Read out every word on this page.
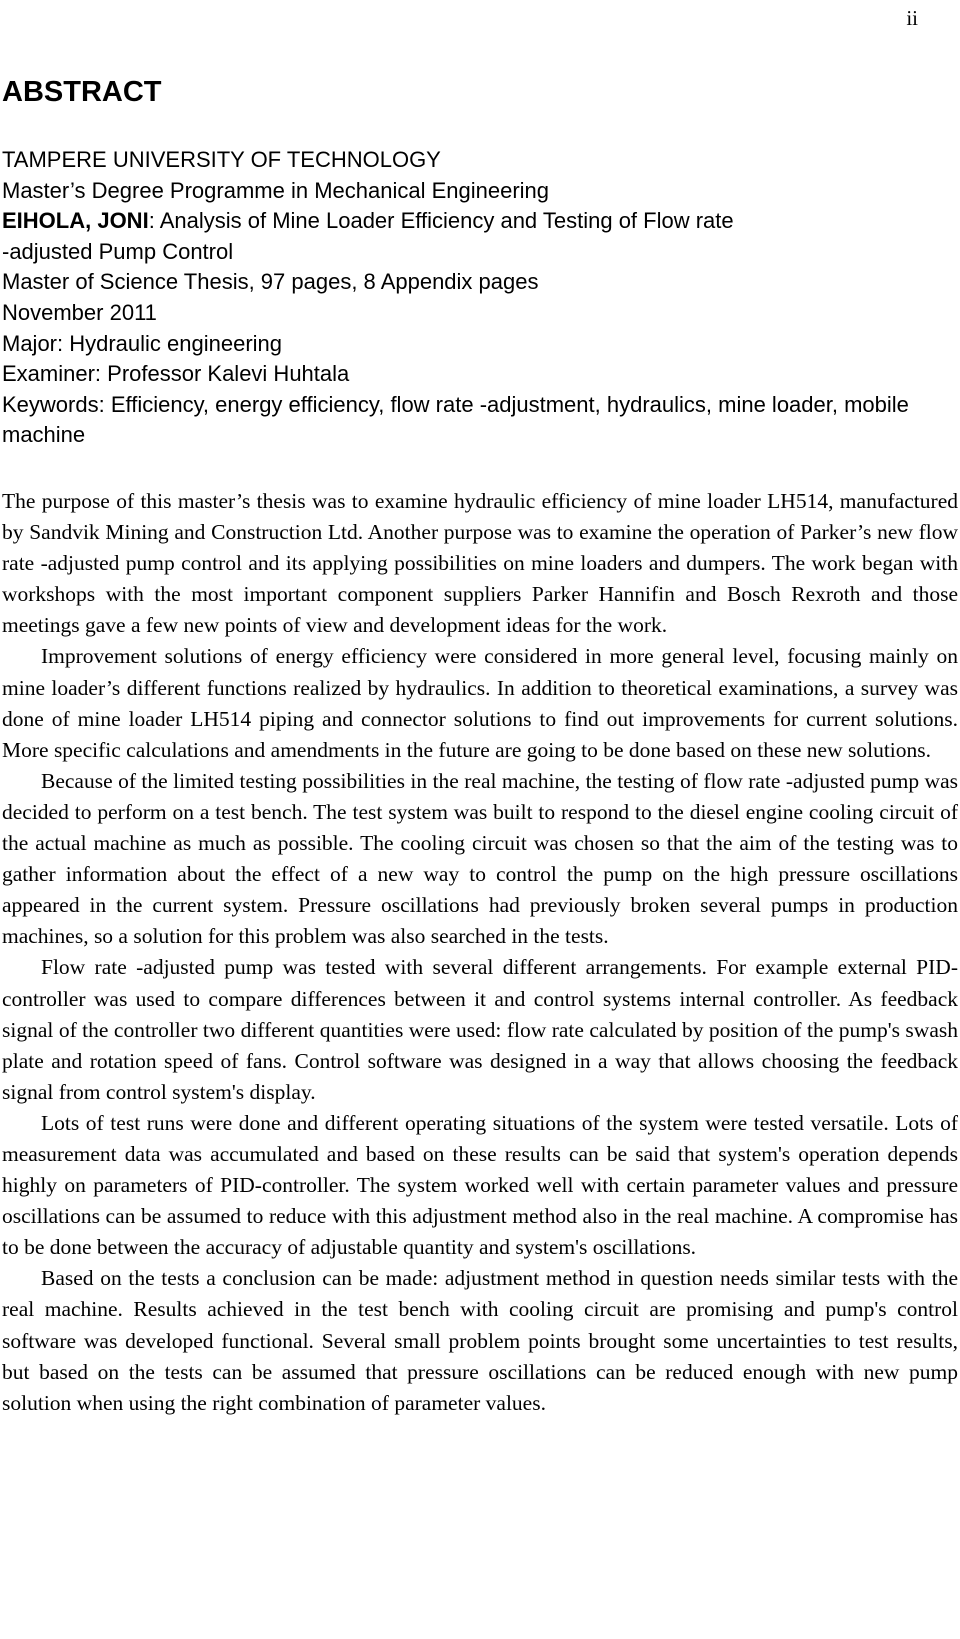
ii
ABSTRACT
TAMPERE UNIVERSITY OF TECHNOLOGY
Master’s Degree Programme in Mechanical Engineering
EIHOLA, JONI: Analysis of Mine Loader Efficiency and Testing of Flow rate
-adjusted Pump Control
Master of Science Thesis, 97 pages, 8 Appendix pages
November 2011
Major: Hydraulic engineering
Examiner: Professor Kalevi Huhtala
Keywords: Efficiency, energy efficiency, flow rate -adjustment, hydraulics, mine loader, mobile machine

The purpose of this master’s thesis was to examine hydraulic efficiency of mine loader LH514, manufactured by Sandvik Mining and Construction Ltd. Another purpose was to examine the operation of Parker’s new flow rate -adjusted pump control and its applying possibilities on mine loaders and dumpers. The work began with workshops with the most important component suppliers Parker Hannifin and Bosch Rexroth and those meetings gave a few new points of view and development ideas for the work.

Improvement solutions of energy efficiency were considered in more general level, focusing mainly on mine loader’s different functions realized by hydraulics. In addition to theoretical examinations, a survey was done of mine loader LH514 piping and connector solutions to find out improvements for current solutions. More specific calculations and amendments in the future are going to be done based on these new solutions.

Because of the limited testing possibilities in the real machine, the testing of flow rate -adjusted pump was decided to perform on a test bench. The test system was built to respond to the diesel engine cooling circuit of the actual machine as much as possible. The cooling circuit was chosen so that the aim of the testing was to gather information about the effect of a new way to control the pump on the high pressure oscillations appeared in the current system. Pressure oscillations had previously broken several pumps in production machines, so a solution for this problem was also searched in the tests.

Flow rate -adjusted pump was tested with several different arrangements. For example external PID-controller was used to compare differences between it and control systems internal controller. As feedback signal of the controller two different quantities were used: flow rate calculated by position of the pump's swash plate and rotation speed of fans. Control software was designed in a way that allows choosing the feedback signal from control system's display.

Lots of test runs were done and different operating situations of the system were tested versatile. Lots of measurement data was accumulated and based on these results can be said that system's operation depends highly on parameters of PID-controller. The system worked well with certain parameter values and pressure oscillations can be assumed to reduce with this adjustment method also in the real machine. A compromise has to be done between the accuracy of adjustable quantity and system's oscillations.

Based on the tests a conclusion can be made: adjustment method in question needs similar tests with the real machine. Results achieved in the test bench with cooling circuit are promising and pump's control software was developed functional. Several small problem points brought some uncertainties to test results, but based on the tests can be assumed that pressure oscillations can be reduced enough with new pump solution when using the right combination of parameter values.
